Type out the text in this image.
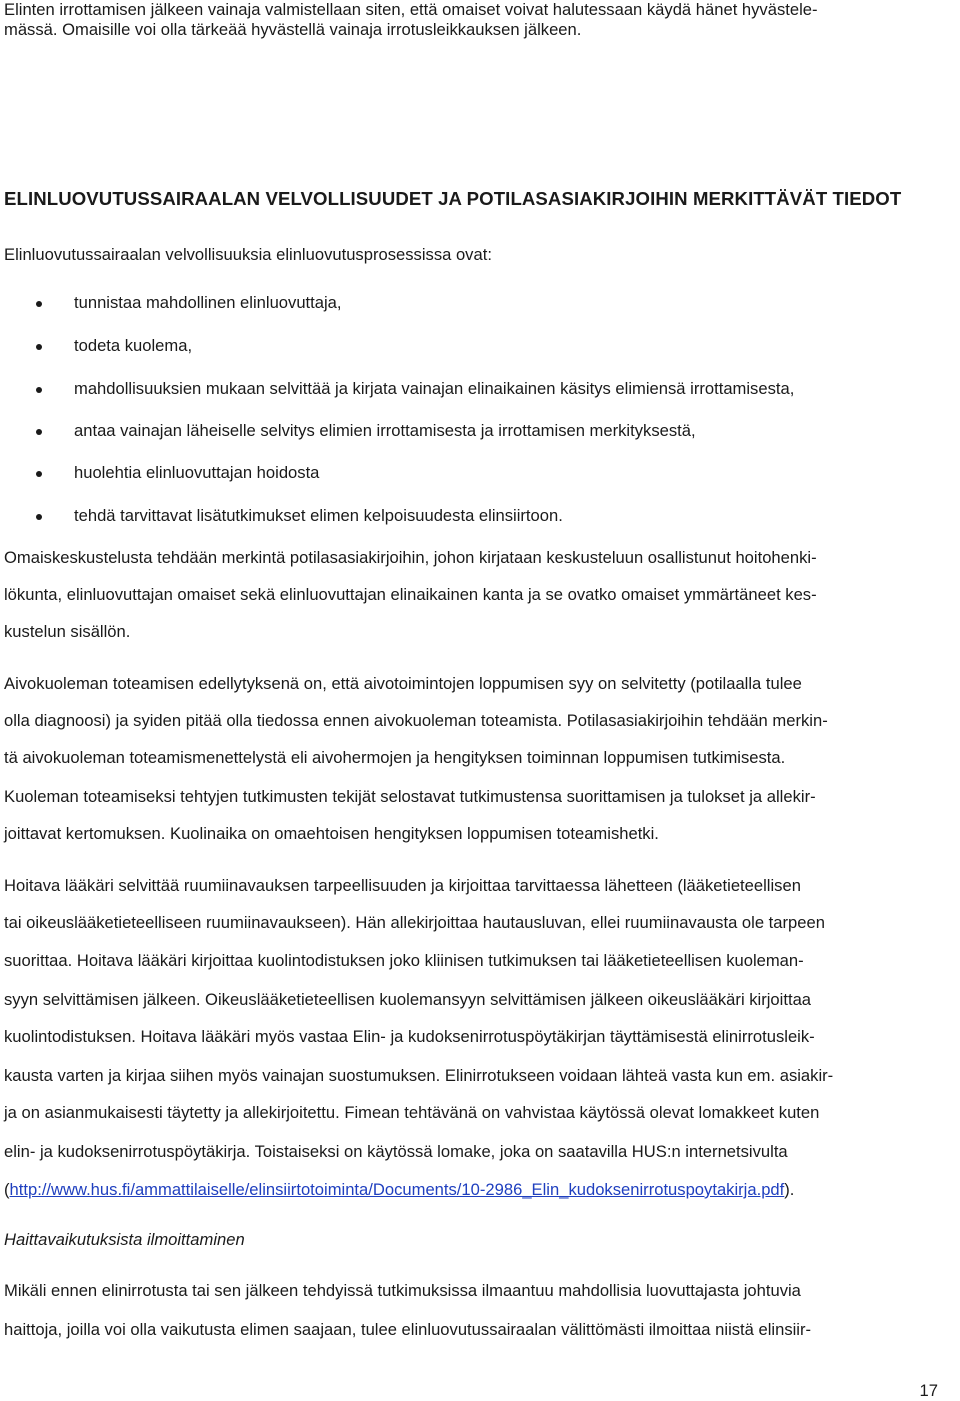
Elinten irrottamisen jälkeen vainaja valmistellaan siten, että omaiset voivat halutessaan käydä hänet hyvästele-
mässä. Omaisille voi olla tärkeää hyvästellä vainaja irrotusleikkauksen jälkeen.
ELINLUOVUTUSSAIRAALAN VELVOLLISUUDET JA POTILASASIAKIRJOIHIN MERKITTÄVÄT TIEDOT
Elinluovutussairaalan velvollisuuksia elinluovutusprosessissa ovat:
tunnistaa mahdollinen elinluovuttaja,
todeta kuolema,
mahdollisuuksien mukaan selvittää ja kirjata vainajan elinaikainen käsitys elimiensä irrottamisesta,
antaa vainajan läheiselle selvitys elimien irrottamisesta ja irrottamisen merkityksestä,
huolehtia elinluovuttajan hoidosta
tehdä tarvittavat lisätutkimukset elimen kelpoisuudesta elinsiirtoon.
Omaiskeskustelusta tehdään merkintä potilasasiakirjoihin, johon kirjataan keskusteluun osallistunut hoitohenki-
lökunta, elinluovuttajan omaiset sekä elinluovuttajan elinaikainen kanta ja se ovatko omaiset ymmärtäneet kes-
kustelun sisällön.
Aivokuoleman toteamisen edellytyksenä on, että aivotoimintojen loppumisen syy on selvitetty (potilaalla tulee
olla diagnoosi) ja syiden pitää olla tiedossa ennen aivokuoleman toteamista. Potilasasiakirjoihin tehdään merkin-
tä aivokuoleman toteamismenettelystä eli aivohermojen ja hengityksen toiminnan loppumisen tutkimisesta.
Kuoleman toteamiseksi tehtyjen tutkimusten tekijät selostavat tutkimustensa suorittamisen ja tulokset ja allekir-
joittavat kertomuksen. Kuolinaika on omaehtoisen hengityksen loppumisen toteamishetki.
Hoitava lääkäri selvittää ruumiinavauksen tarpeellisuuden ja kirjoittaa tarvittaessa lähetteen (lääketieteellisen
tai oikeuslääketieteelliseen ruumiinavaukseen). Hän allekirjoittaa hautausluvan, ellei ruumiinavausta ole tarpeen
suorittaa. Hoitava lääkäri kirjoittaa kuolintodistuksen joko kliinisen tutkimuksen tai lääketieteellisen kuoleman-
syyn selvittämisen jälkeen. Oikeuslääketieteellisen kuolemansyyn selvittämisen jälkeen oikeuslääkäri kirjoittaa
kuolintodistuksen. Hoitava lääkäri myös vastaa Elin- ja kudoksenirrotuspöytäkirjan täyttämisestä elinirrotusleik-
kausta varten ja kirjaa siihen myös vainajan suostumuksen. Elinirrotukseen voidaan lähteä vasta kun em. asiakir-
ja on asianmukaisesti täytetty ja allekirjoitettu. Fimean tehtävänä on vahvistaa käytössä olevat lomakkeet kuten
elin- ja kudoksenirrotuspöytäkirja. Toistaiseksi on käytössä lomake, joka on saatavilla HUS:n internetsivulta
(http://www.hus.fi/ammattilaiselle/elinsiirtotoiminta/Documents/10-2986_Elin_kudoksenirrotuspoytakirja.pdf).
Haittavaikutuksista ilmoittaminen
Mikäli ennen elinirrotusta tai sen jälkeen tehdyissä tutkimuksissa ilmaantuu mahdollisia luovuttajasta johtuvia
haittoja, joilla voi olla vaikutusta elimen saajaan, tulee elinluovutussairaalan välittömästi ilmoittaa niistä elinsiir-
17
